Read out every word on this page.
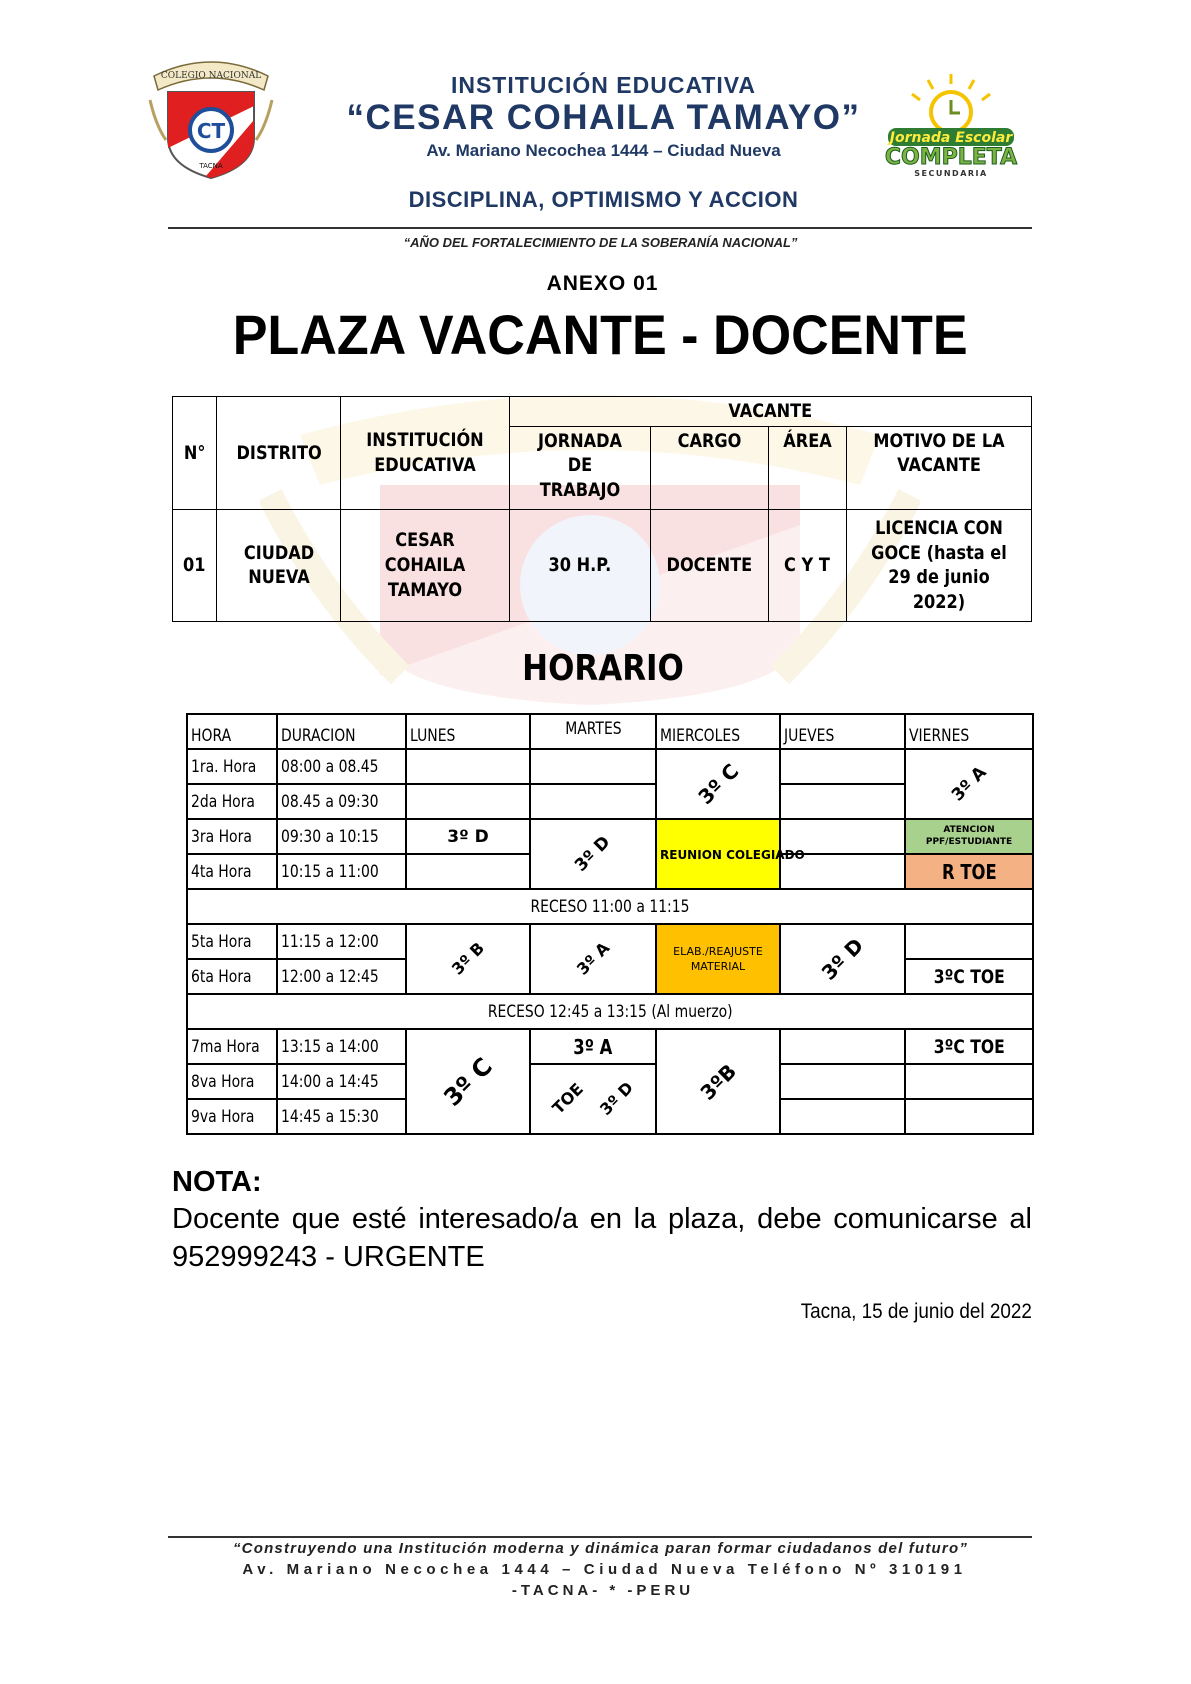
COLEGIO NACIONAL
CT
TACNA
Jornada Escolar
COMPLETA
SECUNDARIA
INSTITUCIÓN EDUCATIVA
“CESAR COHAILA TAMAYO”
Av. Mariano Necochea 1444 – Ciudad Nueva
DISCIPLINA, OPTIMISMO Y ACCION
“AÑO DEL FORTALECIMIENTO DE LA SOBERANÍA NACIONAL”
ANEXO 01
PLAZA VACANTE - DOCENTE
N°	DISTRITO	INSTITUCIÓN EDUCATIVA	VACANTE			
			JORNADA DE TRABAJO	CARGO	ÁREA	MOTIVO DE LA VACANTE
01	CIUDAD NUEVA	CESAR COHAILA TAMAYO	30 H.P.	DOCENTE	C Y T	LICENCIA CON GOCE (hasta el 29 de junio 2022)
HORARIO
HORA	DURACION	LUNES	MARTES	MIERCOLES	JUEVES	VIERNES
1ra. Hora	08:00 a 08.45			3º C		3º A
2da Hora	08.45 a 09:30					
3ra Hora	09:30 a 10:15	3º D	3º D	REUNION COLEGIADO		ATENCION PPF/ESTUDIANTE

4ta Hora	10:15 a 11:00					R TOE
RECESO 11:00 a 11:15						
5ta Hora	11:15 a 12:00	3º B	3º A	ELAB./REAJUSTE MATERIAL	3º D	
6ta Hora	12:00 a 12:45					3ºC TOE
RECESO 12:45 a 13:15 (Al muerzo)						
7ma Hora	13:15 a 14:00	3º C	3º A	3ºB		3ºC TOE
8va Hora	14:00 a 14:45		TOE 3º D			
9va Hora	14:45 a 15:30					
NOTA:
Docente que esté interesado/a en la plaza, debe comunicarse al
952999243 - URGENTE
Tacna, 15 de junio del 2022
“Construyendo una Institución moderna y dinámica paran formar ciudadanos del futuro”
Av. Mariano Necochea 1444 – Ciudad Nueva Teléfono Nº 310191
-TACNA- * -PERU
